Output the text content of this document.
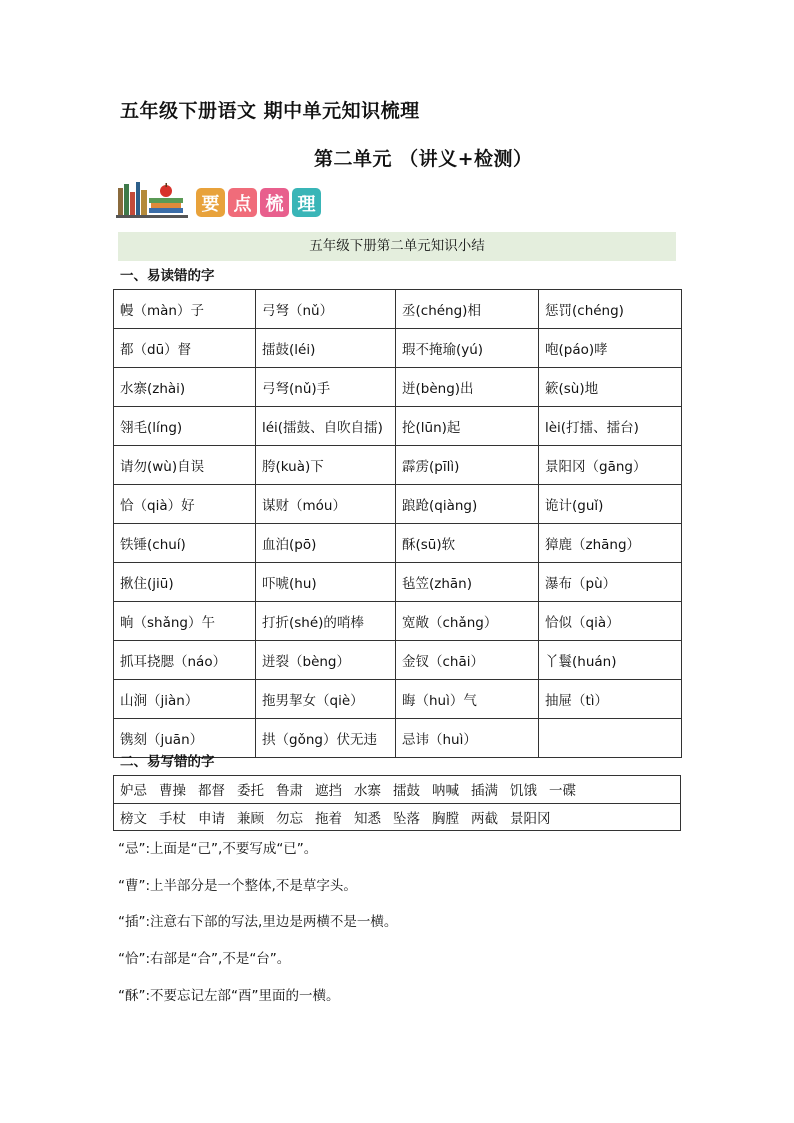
五年级下册语文 期中单元知识梳理
第二单元 （讲义+检测）
要 点 梳 理
五年级下册第二单元知识小结
一、易读错的字
幔（màn）子	弓弩（nǔ）	丞(chéng)相	惩罚(chéng)
都（dū）督	擂鼓(léi)	瑕不掩瑜(yú)	咆(páo)哮
水寨(zhài)	弓弩(nǔ)手	迸(bèng)出	簌(sù)地
翎毛(líng)	léi(擂鼓、自吹自擂)	抡(lūn)起	lèi(打擂、擂台)
请勿(wù)自误	胯(kuà)下	霹雳(pīlì)	景阳冈（gāng）
恰（qià）好	谋财（móu）	踉跄(qiàng)	诡计(guǐ)
铁锤(chuí)	血泊(pō)	酥(sū)软	獐鹿（zhāng）
揪住(jiū)	吓唬(hu)	毡笠(zhān)	瀑布（pù）
晌（shǎng）午	打折(shé)的哨棒	宽敞（chǎng）	恰似（qià）
抓耳挠腮（náo）	迸裂（bèng）	金钗（chāi）	丫鬟(huán)
山涧（jiàn）	拖男挈女（qiè）	晦（huì）气	抽屉（tì）
镌刻（juān）	拱（gǒng）伏无违	忌讳（huì）	
二、易写错的字
妒忌 曹操 都督 委托 鲁肃 遮挡 水寨 擂鼓 呐喊 插满 饥饿 一碟
榜文 手杖 申请 兼顾 勿忘 拖着 知悉 坠落 胸膛 两截 景阳冈
“忌”:上面是“己”,不要写成“已”。
“曹”:上半部分是一个整体,不是草字头。
“插”:注意右下部的写法,里边是两横不是一横。
“恰”:右部是“合”,不是“台”。
“酥”:不要忘记左部“酉”里面的一横。
